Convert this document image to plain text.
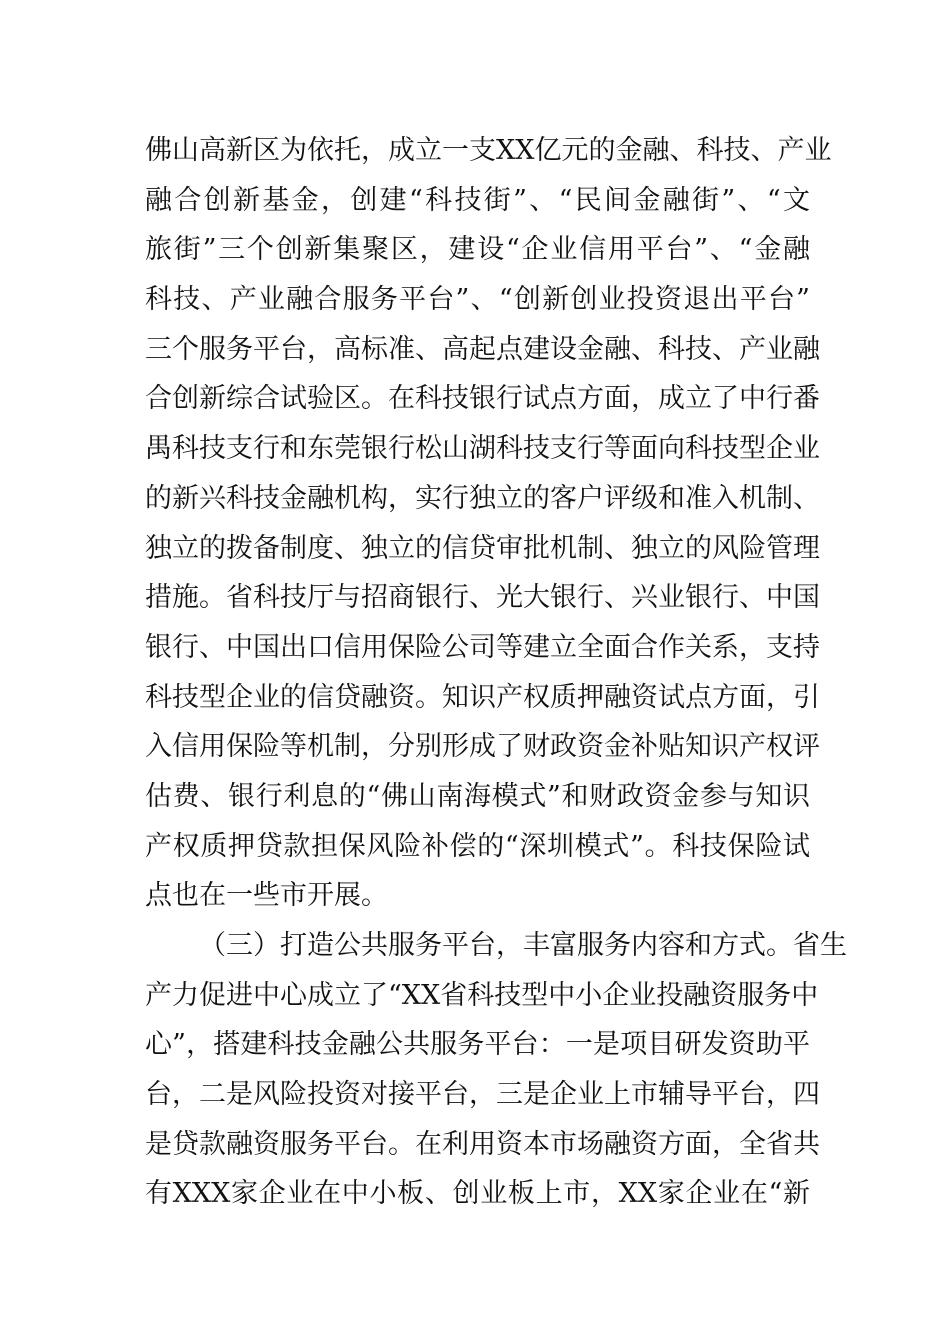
佛山高新区为依托，成立一支XX亿元的金融、科技、产业
融合创新基金，创建“科技街”、“民间金融街”、“文
旅街”三个创新集聚区，建设“企业信用平台”、“金融
科技、产业融合服务平台”、“创新创业投资退出平台”
三个服务平台，高标准、高起点建设金融、科技、产业融
合创新综合试验区。在科技银行试点方面，成立了中行番
禺科技支行和东莞银行松山湖科技支行等面向科技型企业
的新兴科技金融机构，实行独立的客户评级和准入机制、
独立的拨备制度、独立的信贷审批机制、独立的风险管理
措施。省科技厅与招商银行、光大银行、兴业银行、中国
银行、中国出口信用保险公司等建立全面合作关系，支持
科技型企业的信贷融资。知识产权质押融资试点方面，引
入信用保险等机制，分别形成了财政资金补贴知识产权评
估费、银行利息的“佛山南海模式”和财政资金参与知识
产权质押贷款担保风险补偿的“深圳模式”。科技保险试
点也在一些市开展。
（三）打造公共服务平台，丰富服务内容和方式。省生
产力促进中心成立了“XX省科技型中小企业投融资服务中
心”，搭建科技金融公共服务平台：一是项目研发资助平
台，二是风险投资对接平台，三是企业上市辅导平台，四
是贷款融资服务平台。在利用资本市场融资方面，全省共
有XXX家企业在中小板、创业板上市，XX家企业在“新
